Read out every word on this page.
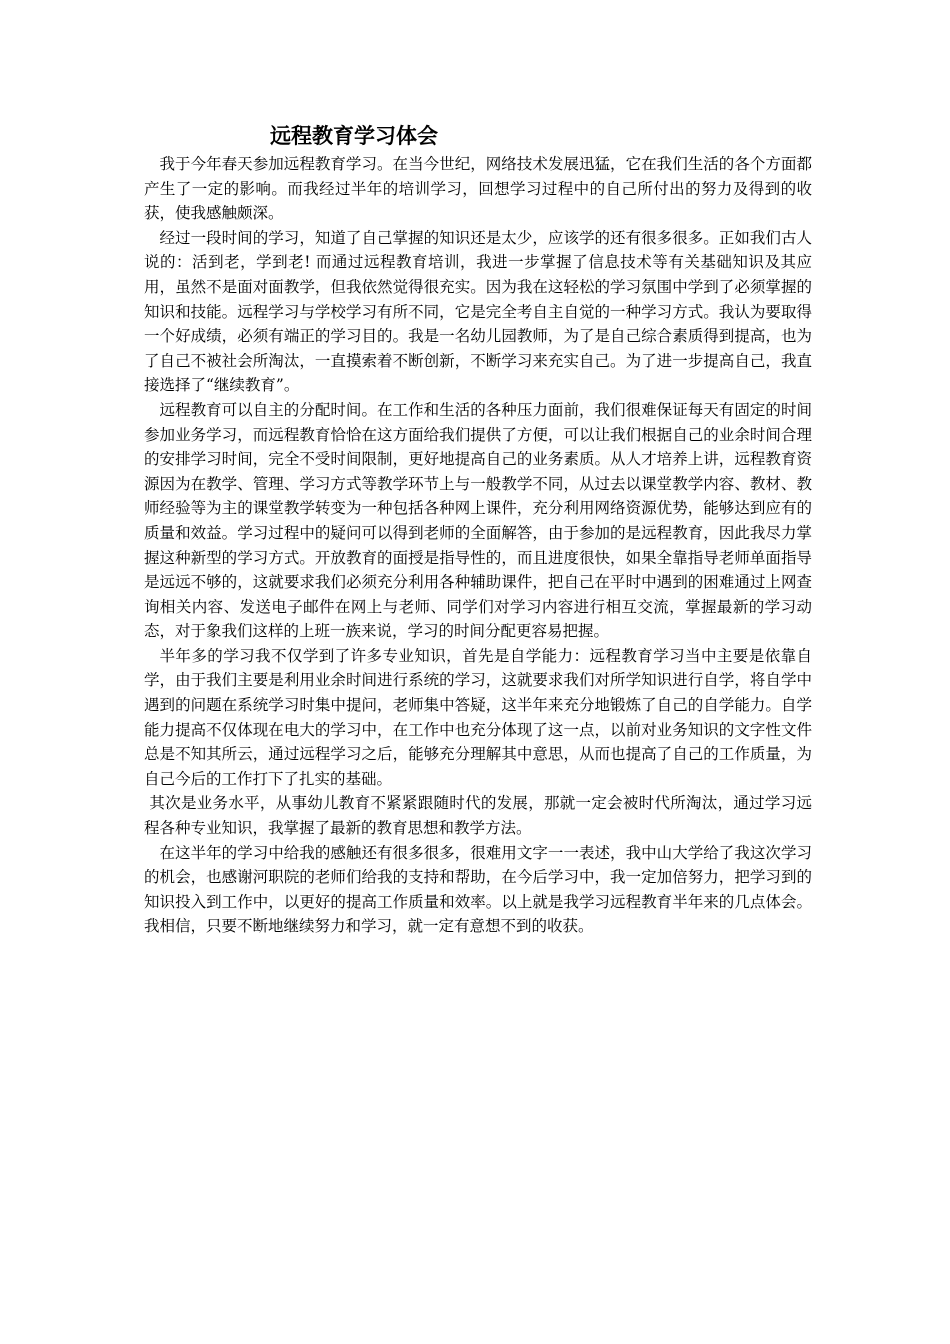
远程教育学习体会

我于今年春天参加远程教育学习。在当今世纪，网络技术发展迅猛，它在我们生活的各个方面都产生了一定的影响。而我经过半年的培训学习，回想学习过程中的自己所付出的努力及得到的收获，使我感触颇深。

经过一段时间的学习，知道了自己掌握的知识还是太少，应该学的还有很多很多。正如我们古人说的：活到老，学到老! 而通过远程教育培训，我进一步掌握了信息技术等有关基础知识及其应用，虽然不是面对面教学，但我依然觉得很充实。因为我在这轻松的学习氛围中学到了必须掌握的知识和技能。远程学习与学校学习有所不同，它是完全考自主自觉的一种学习方式。我认为要取得一个好成绩，必须有端正的学习目的。我是一名幼儿园教师，为了是自己综合素质得到提高，也为了自己不被社会所淘汰，一直摸索着不断创新，不断学习来充实自己。为了进一步提高自己，我直接选择了“继续教育”。

远程教育可以自主的分配时间。在工作和生活的各种压力面前，我们很难保证每天有固定的时间参加业务学习，而远程教育恰恰在这方面给我们提供了方便，可以让我们根据自己的业余时间合理的安排学习时间，完全不受时间限制，更好地提高自己的业务素质。从人才培养上讲，远程教育资源因为在教学、管理、学习方式等教学环节上与一般教学不同，从过去以课堂教学内容、教材、教师经验等为主的课堂教学转变为一种包括各种网上课件，充分利用网络资源优势，能够达到应有的质量和效益。学习过程中的疑问可以得到老师的全面解答，由于参加的是远程教育，因此我尽力掌握这种新型的学习方式。开放教育的面授是指导性的，而且进度很快，如果全靠指导老师单面指导是远远不够的，这就要求我们必须充分利用各种辅助课件，把自己在平时中遇到的困难通过上网查询相关内容、发送电子邮件在网上与老师、同学们对学习内容进行相互交流，掌握最新的学习动态，对于象我们这样的上班一族来说，学习的时间分配更容易把握。

半年多的学习我不仅学到了许多专业知识，首先是自学能力：远程教育学习当中主要是依靠自学，由于我们主要是利用业余时间进行系统的学习，这就要求我们对所学知识进行自学，将自学中遇到的问题在系统学习时集中提问，老师集中答疑，这半年来充分地锻炼了自己的自学能力。自学能力提高不仅体现在电大的学习中，在工作中也充分体现了这一点，以前对业务知识的文字性文件总是不知其所云，通过远程学习之后，能够充分理解其中意思，从而也提高了自己的工作质量，为自己今后的工作打下了扎实的基础。

其次是业务水平，从事幼儿教育不紧紧跟随时代的发展，那就一定会被时代所淘汰，通过学习远程各种专业知识，我掌握了最新的教育思想和教学方法。

在这半年的学习中给我的感触还有很多很多，很难用文字一一表述，我中山大学给了我这次学习的机会，也感谢河职院的老师们给我的支持和帮助，在今后学习中，我一定加倍努力，把学习到的知识投入到工作中，以更好的提高工作质量和效率。以上就是我学习远程教育半年来的几点体会。我相信，只要不断地继续努力和学习，就一定有意想不到的收获。
